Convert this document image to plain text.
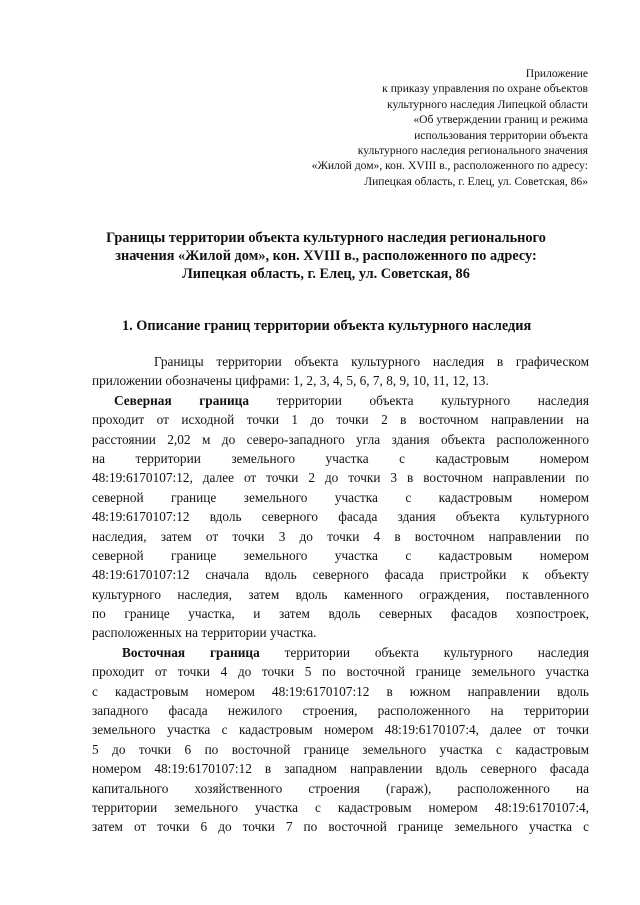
Приложение
к приказу управления по охране объектов
культурного наследия Липецкой области
«Об утверждении границ и режима
использования территории объекта
культурного наследия регионального значения
«Жилой дом», кон. XVIII в., расположенного по адресу:
Липецкая область, г. Елец, ул. Советская, 86»
Границы территории объекта культурного наследия регионального
значения «Жилой дом», кон. XVIII в., расположенного по адресу:
Липецкая область, г. Елец, ул. Советская, 86
1. Описание границ территории объекта культурного наследия
Границы территории объекта культурного наследия в графическом
приложении обозначены цифрами: 1, 2, 3, 4, 5, 6, 7, 8, 9, 10, 11, 12, 13.
Северная граница территории объекта культурного наследия
проходит от исходной точки 1 до точки 2 в восточном направлении на
расстоянии 2,02 м до северо-западного угла здания объекта расположенного
на территории земельного участка с кадастровым номером
48:19:6170107:12, далее от точки 2 до точки 3 в восточном направлении по
северной границе земельного участка с кадастровым номером
48:19:6170107:12 вдоль северного фасада здания объекта культурного
наследия, затем от точки 3 до точки 4 в восточном направлении по
северной границе земельного участка с кадастровым номером
48:19:6170107:12 сначала вдоль северного фасада пристройки к объекту
культурного наследия, затем вдоль каменного ограждения, поставленного
по границе участка, и затем вдоль северных фасадов хозпостроек,
расположенных на территории участка.
Восточная граница территории объекта культурного наследия
проходит от точки 4 до точки 5 по восточной границе земельного участка
с кадастровым номером 48:19:6170107:12 в южном направлении вдоль
западного фасада нежилого строения, расположенного на территории
земельного участка с кадастровым номером 48:19:6170107:4, далее от точки
5 до точки 6 по восточной границе земельного участка с кадастровым
номером 48:19:6170107:12 в западном направлении вдоль северного фасада
капитального хозяйственного строения (гараж), расположенного на
территории земельного участка с кадастровым номером 48:19:6170107:4,
затем от точки 6 до точки 7 по восточной границе земельного участка с
